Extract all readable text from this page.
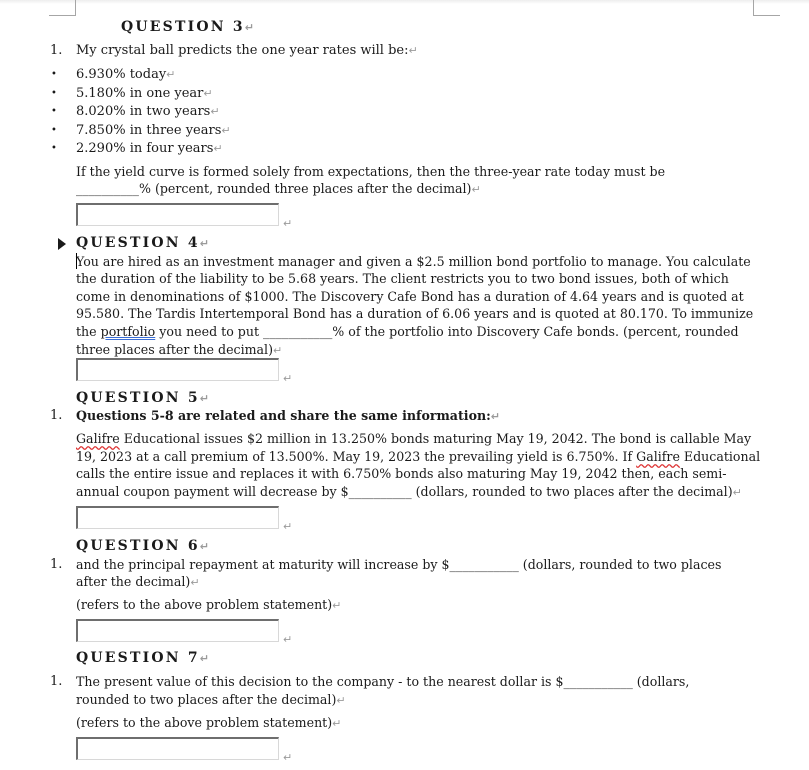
QUESTION 3↵
1. My crystal ball predicts the one year rates will be:↵
• 6.930% today↵
• 5.180% in one year↵
• 8.020% in two years↵
• 7.850% in three years↵
• 2.290% in four years↵
If the yield curve is formed solely from expectations, then the three-year rate today must be
__________% (percent, rounded three places after the decimal)↵
↵
QUESTION 4↵
You are hired as an investment manager and given a $2.5 million bond portfolio to manage. You calculate
the duration of the liability to be 5.68 years. The client restricts you to two bond issues, both of which
come in denominations of $1000. The Discovery Cafe Bond has a duration of 4.64 years and is quoted at
95.580. The Tardis Intertemporal Bond has a duration of 6.06 years and is quoted at 80.170. To immunize
the portfolio you need to put ___________% of the portfolio into Discovery Cafe bonds. (percent, rounded
three places after the decimal)↵
↵
QUESTION 5↵
1. Questions 5-8 are related and share the same information:↵
Galifre Educational issues $2 million in 13.250% bonds maturing May 19, 2042. The bond is callable May
19, 2023 at a call premium of 13.500%. May 19, 2023 the prevailing yield is 6.750%. If Galifre Educational
calls the entire issue and replaces it with 6.750% bonds also maturing May 19, 2042 then, each semi-
annual coupon payment will decrease by $__________ (dollars, rounded to two places after the decimal)↵
↵
QUESTION 6↵
1. and the principal repayment at maturity will increase by $___________ (dollars, rounded to two places
after the decimal)↵
(refers to the above problem statement)↵
↵
QUESTION 7↵
1. The present value of this decision to the company - to the nearest dollar is $___________ (dollars,
rounded to two places after the decimal)↵
(refers to the above problem statement)↵
↵
